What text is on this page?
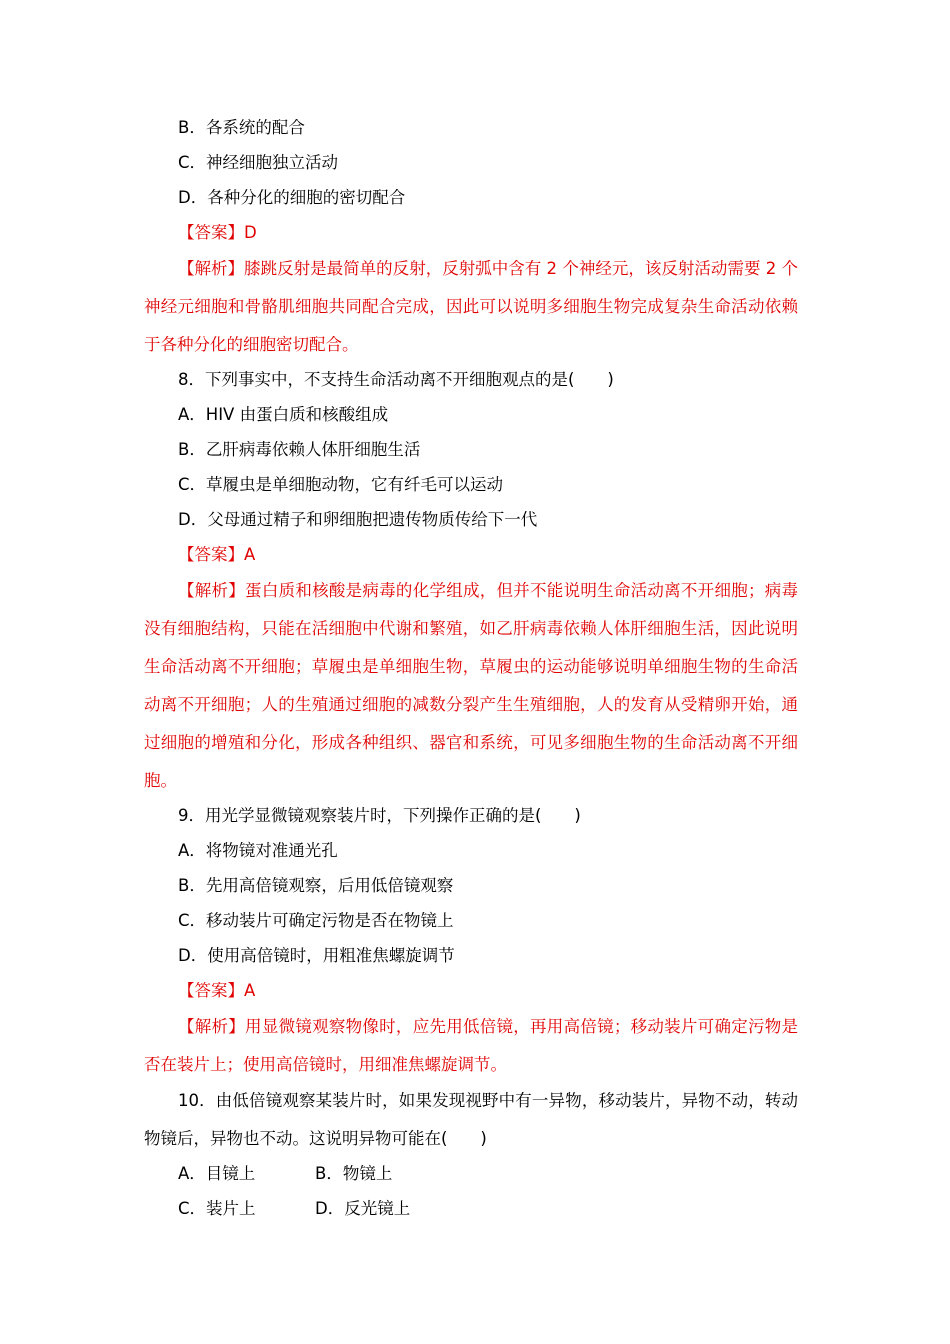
B．各系统的配合
C．神经细胞独立活动
D．各种分化的细胞的密切配合
【答案】D
【解析】膝跳反射是最简单的反射，反射弧中含有 2 个神经元，该反射活动需要 2 个神经元细胞和骨骼肌细胞共同配合完成，因此可以说明多细胞生物完成复杂生命活动依赖于各种分化的细胞密切配合。
8．下列事实中，不支持生命活动离不开细胞观点的是(　　)
A．HIV 由蛋白质和核酸组成
B．乙肝病毒依赖人体肝细胞生活
C．草履虫是单细胞动物，它有纤毛可以运动
D．父母通过精子和卵细胞把遗传物质传给下一代
【答案】A
【解析】蛋白质和核酸是病毒的化学组成，但并不能说明生命活动离不开细胞；病毒没有细胞结构，只能在活细胞中代谢和繁殖，如乙肝病毒依赖人体肝细胞生活，因此说明生命活动离不开细胞；草履虫是单细胞生物，草履虫的运动能够说明单细胞生物的生命活动离不开细胞；人的生殖通过细胞的减数分裂产生生殖细胞，人的发育从受精卵开始，通过细胞的增殖和分化，形成各种组织、器官和系统，可见多细胞生物的生命活动离不开细胞。
9．用光学显微镜观察装片时，下列操作正确的是(　　)
A．将物镜对准通光孔
B．先用高倍镜观察，后用低倍镜观察
C．移动装片可确定污物是否在物镜上
D．使用高倍镜时，用粗准焦螺旋调节
【答案】A
【解析】用显微镜观察物像时，应先用低倍镜，再用高倍镜；移动装片可确定污物是否在装片上；使用高倍镜时，用细准焦螺旋调节。
10．由低倍镜观察某装片时，如果发现视野中有一异物，移动装片，异物不动，转动物镜后，异物也不动。这说明异物可能在(　　)
A．目镜上	B．物镜上
C．装片上	D．反光镜上
